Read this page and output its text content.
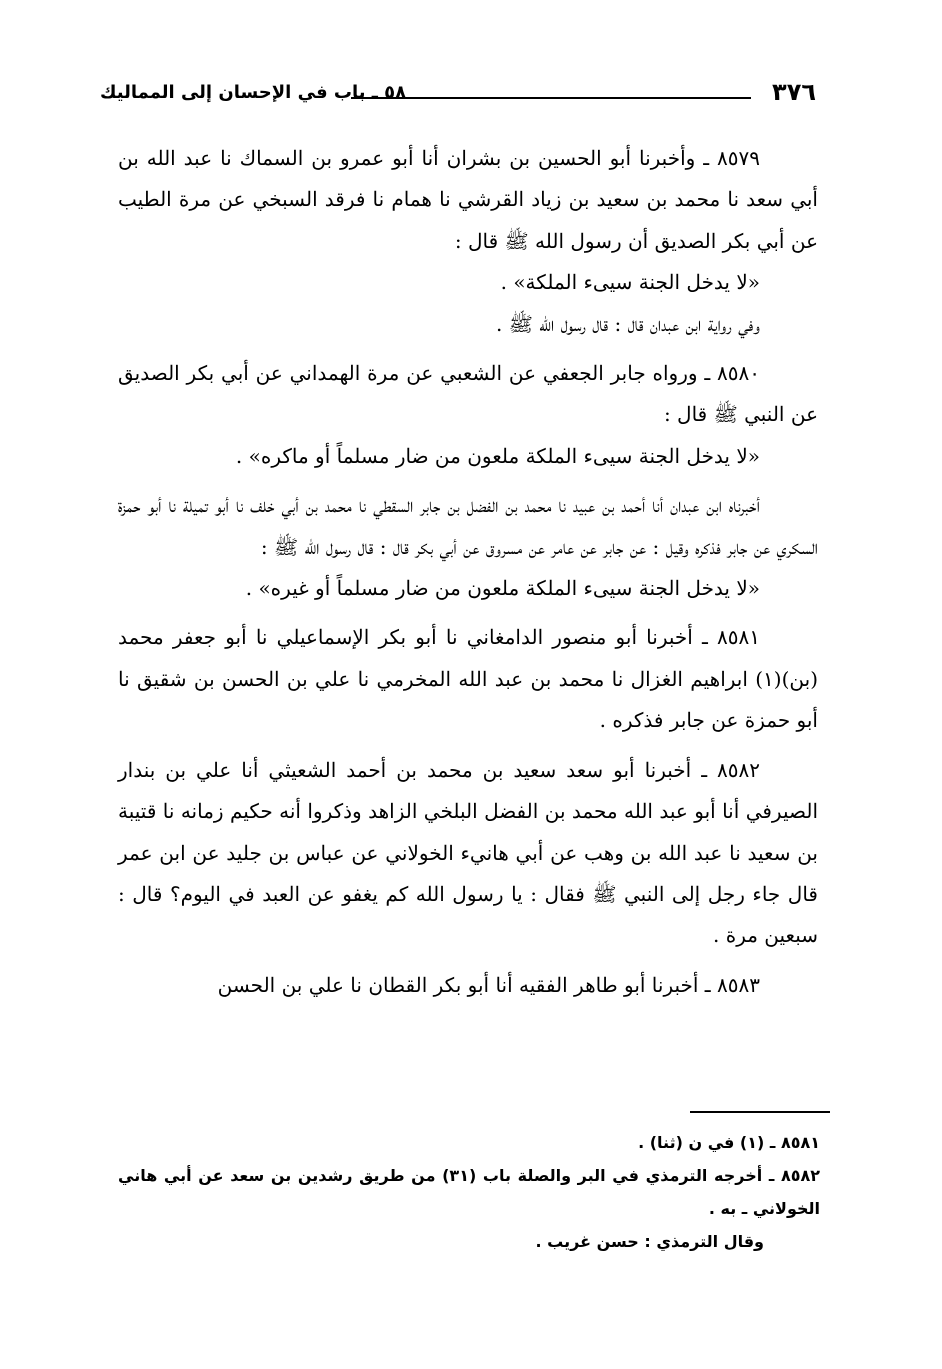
٣٧٦
٥٨ ـ باب في الإحسان إلى المماليك

٨٥٧٩ ـ وأخبرنا أبو الحسين بن بشران أنا أبو عمرو بن السماك نا عبد الله بن أبي سعد نا محمد بن سعيد بن زياد القرشي نا همام نا فرقد السبخي عن مرة الطيب عن أبي بكر الصديق أن رسول الله ﷺ قال :

«لا يدخل الجنة سيىء الملكة» .

وفي رواية ابن عبدان قال : قال رسول الله ﷺ .

٨٥٨٠ ـ ورواه جابر الجعفي عن الشعبي عن مرة الهمداني عن أبي بكر الصديق عن النبي ﷺ قال :

«لا يدخل الجنة سيىء الملكة ملعون من ضار مسلماً أو ماكره» .

أخبرناه ابن عبدان أنا أحمد بن عبيد نا محمد بن الفضل بن جابر السقطي نا محمد بن أبي خلف نا أبو تميلة نا أبو حمزة السكري عن جابر فذكره وقيل : عن جابر عن عامر عن مسروق عن أبي بكر قال : قال رسول الله ﷺ :

«لا يدخل الجنة سيىء الملكة ملعون من ضار مسلماً أو غيره» .

٨٥٨١ ـ أخبرنا أبو منصور الدامغاني نا أبو بكر الإسماعيلي نا أبو جعفر محمد (بن)(١) ابراهيم الغزال نا محمد بن عبد الله المخرمي نا علي بن الحسن بن شقيق نا أبو حمزة عن جابر فذكره .

٨٥٨٢ ـ أخبرنا أبو سعد سعيد بن محمد بن أحمد الشعيثي أنا علي بن بندار الصيرفي أنا أبو عبد الله محمد بن الفضل البلخي الزاهد وذكروا أنه حكيم زمانه نا قتيبة بن سعيد نا عبد الله بن وهب عن أبي هانيء الخولاني عن عباس بن جليد عن ابن عمر قال جاء رجل إلى النبي ﷺ فقال : يا رسول الله كم يغفو عن العبد في اليوم؟ قال : سبعين مرة .

٨٥٨٣ ـ أخبرنا أبو طاهر الفقيه أنا أبو بكر القطان نا علي بن الحسن

٨٥٨١ ـ (١) في ن (ثنا) .

٨٥٨٢ ـ أخرجه الترمذي في البر والصلة باب (٣١) من طريق رشدين بن سعد عن أبي هاني الخولاني ـ به .

وقال الترمذي : حسن غريب .
